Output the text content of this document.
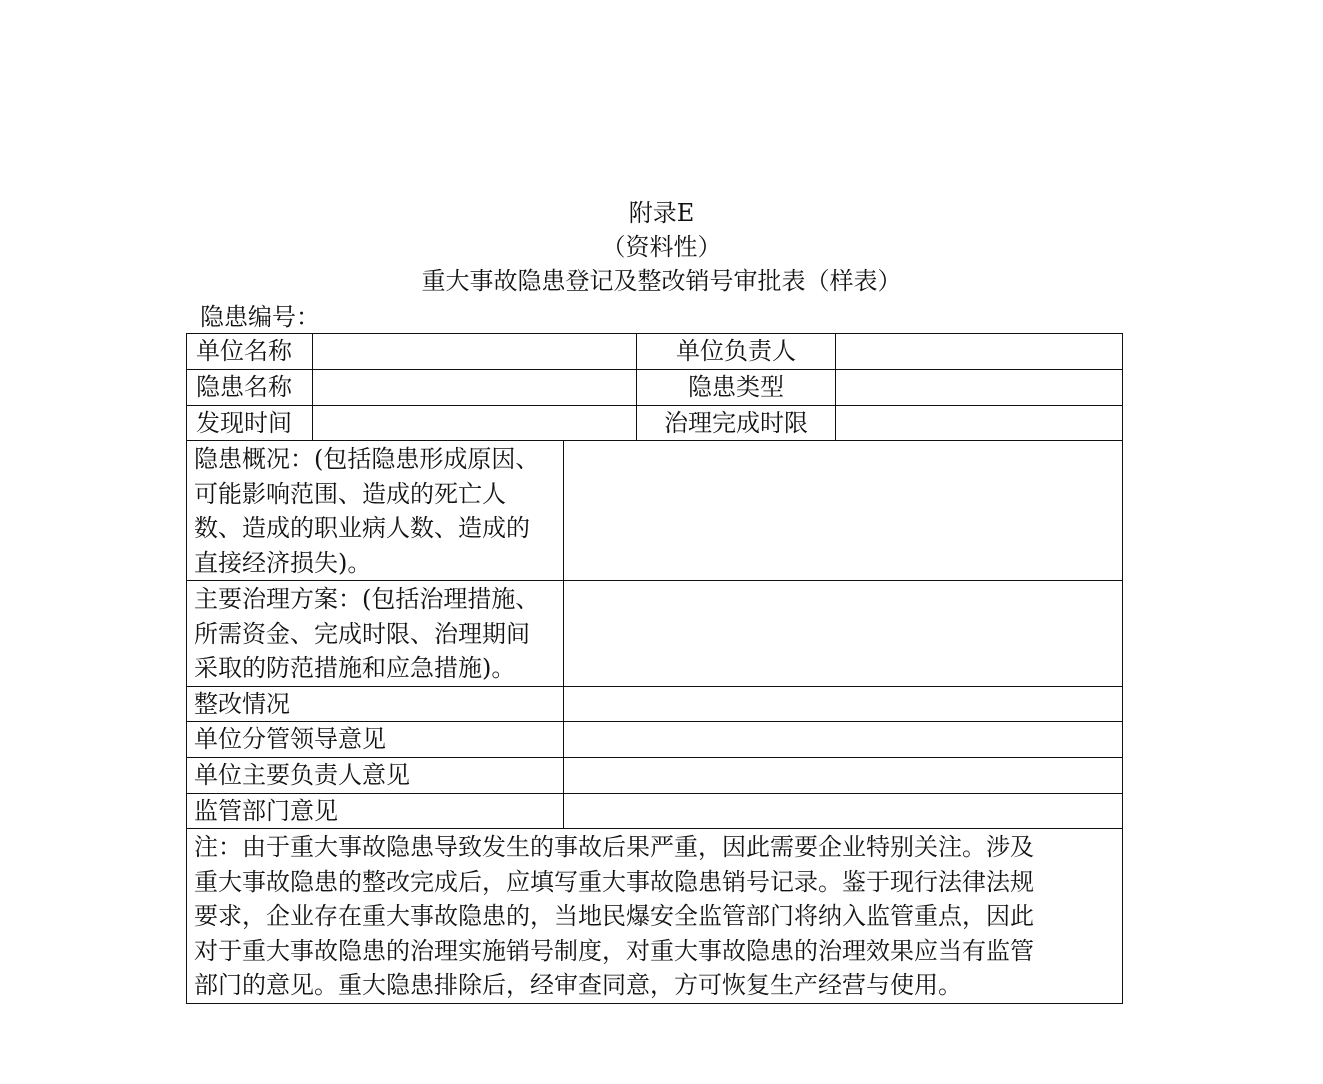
附录E
（资料性）
重大事故隐患登记及整改销号审批表（样表）
隐患编号：
单位名称	单位负责人
隐患名称	隐患类型
发现时间	治理完成时限
隐患概况：(包括隐患形成原因、
可能影响范围、造成的死亡人
数、造成的职业病人数、造成的
直接经济损失)。
主要治理方案：(包括治理措施、
所需资金、完成时限、治理期间
采取的防范措施和应急措施)。
整改情况
单位分管领导意见
单位主要负责人意见
监管部门意见
注：由于重大事故隐患导致发生的事故后果严重，因此需要企业特别关注。涉及
重大事故隐患的整改完成后，应填写重大事故隐患销号记录。鉴于现行法律法规
要求，企业存在重大事故隐患的，当地民爆安全监管部门将纳入监管重点，因此
对于重大事故隐患的治理实施销号制度，对重大事故隐患的治理效果应当有监管
部门的意见。重大隐患排除后，经审查同意，方可恢复生产经营与使用。
